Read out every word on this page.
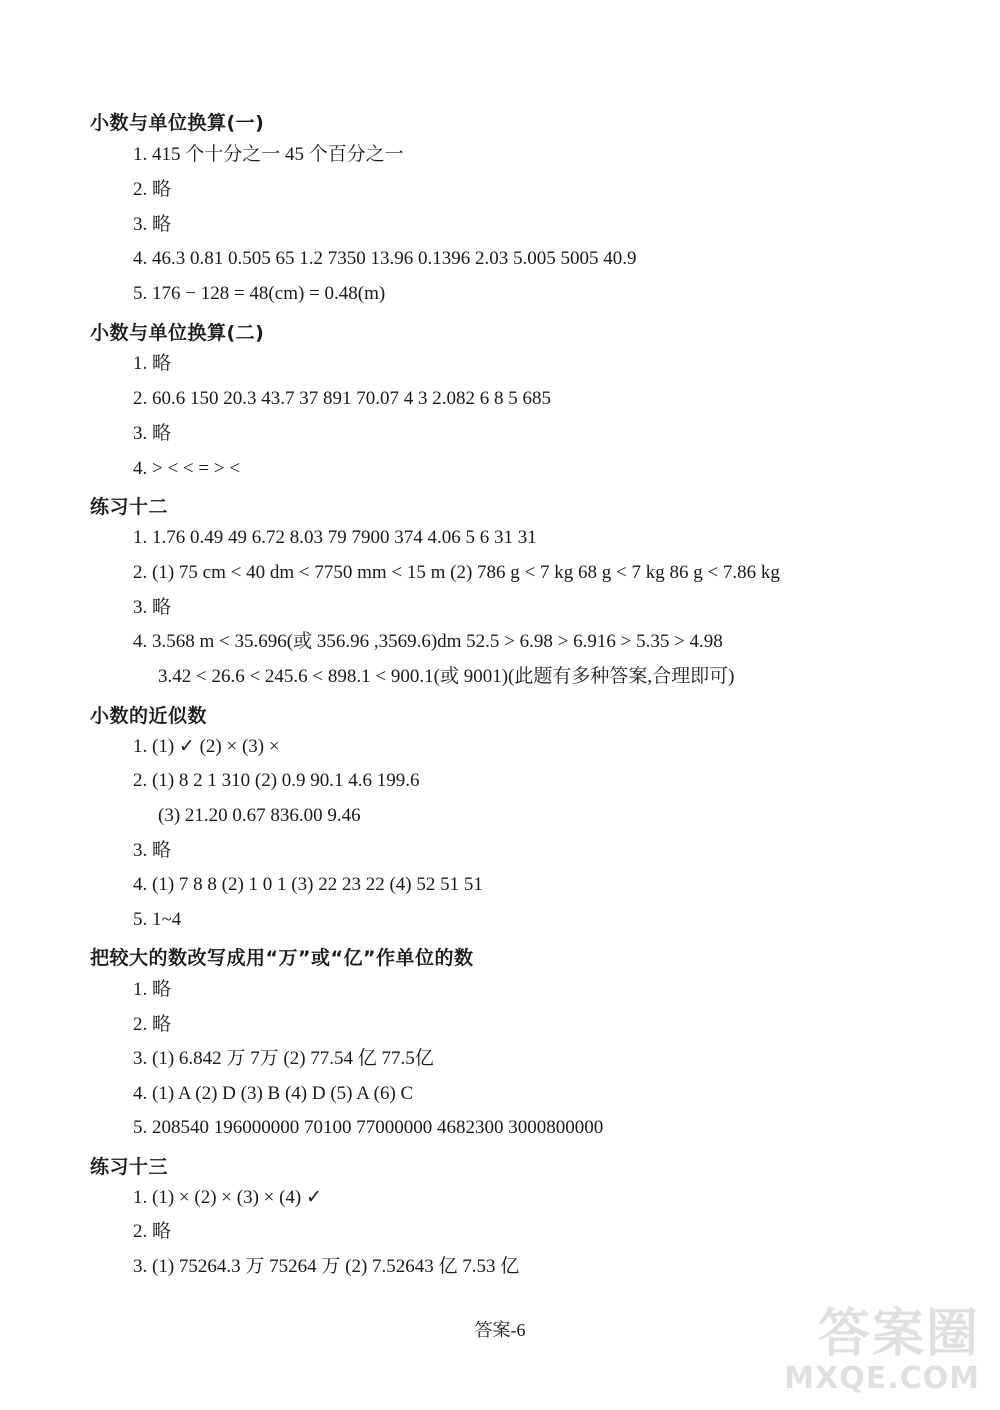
小数与单位换算(一)
1. 415 个十分之一 45 个百分之一
2. 略
3. 略
4. 46.3 0.81 0.505 65 1.2 7350 13.96 0.1396 2.03 5.005 5005 40.9
5. 176 − 128 = 48(cm) = 0.48(m)
小数与单位换算(二)
1. 略
2. 60.6 150 20.3 43.7 37 891 70.07 4 3 2.082 6 8 5 685
3. 略
4. > < < = > <
练习十二
1. 1.76 0.49 49 6.72 8.03 79 7900 374 4.06 5 6 31 31
2. (1) 75 cm < 40 dm < 7750 mm < 15 m (2) 786 g < 7 kg 68 g < 7 kg 86 g < 7.86 kg
3. 略
4. 3.568 m < 35.696(或 356.96 ,3569.6)dm 52.5 > 6.98 > 6.916 > 5.35 > 4.98
3.42 < 26.6 < 245.6 < 898.1 < 900.1(或 9001)(此题有多种答案,合理即可)
小数的近似数
1. (1) ✓ (2) × (3) ×
2. (1) 8 2 1 310 (2) 0.9 90.1 4.6 199.6
(3) 21.20 0.67 836.00 9.46
3. 略
4. (1) 7 8 8 (2) 1 0 1 (3) 22 23 22 (4) 52 51 51
5. 1~4
把较大的数改写成用“万”或“亿”作单位的数
1. 略
2. 略
3. (1) 6.842 万 7万 (2) 77.54 亿 77.5亿
4. (1) A (2) D (3) B (4) D (5) A (6) C
5. 208540 196000000 70100 77000000 4682300 3000800000
练习十三
1. (1) × (2) × (3) × (4) ✓
2. 略
3. (1) 75264.3 万 75264 万 (2) 7.52643 亿 7.53 亿
答案-6	答案圈
MXQE.COM
